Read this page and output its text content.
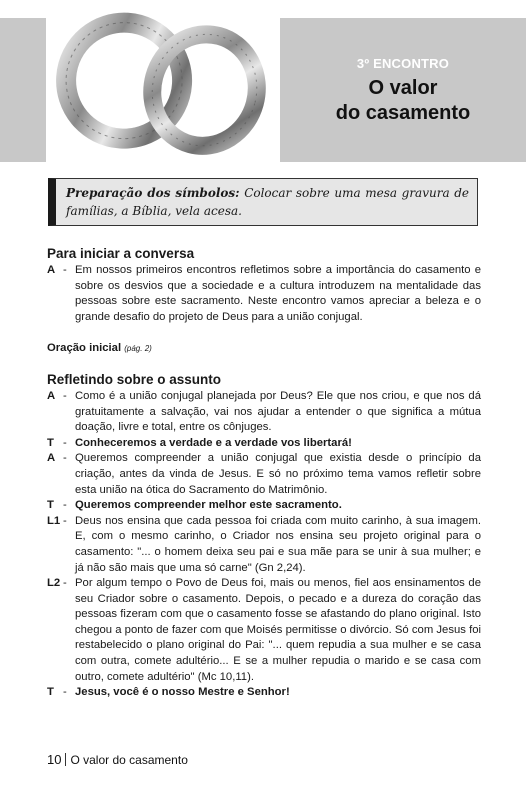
3º ENCONTRO
O valor
do casamento
Preparação dos símbolos: Colocar sobre uma mesa gravura de famílias, a Bíblia, vela acesa.
Para iniciar a conversa
A - Em nossos primeiros encontros refletimos sobre a importância do casamento e sobre os desvios que a sociedade e a cultura introduzem na mentalidade das pessoas sobre este sacramento. Neste encontro vamos apreciar a beleza e o grande desafio do projeto de Deus para a união conjugal.
Oração inicial (pág. 2)
Refletindo sobre o assunto
A - Como é a união conjugal planejada por Deus? Ele que nos criou, e que nos dá gratuitamente a salvação, vai nos ajudar a entender o que significa a mútua doação, livre e total, entre os cônjuges.
T - Conheceremos a verdade e a verdade vos libertará!
A - Queremos compreender a união conjugal que existia desde o princípio da criação, antes da vinda de Jesus. E só no próximo tema vamos refletir sobre esta união na ótica do Sacramento do Matrimônio.
T - Queremos compreender melhor este sacramento.
L1 - Deus nos ensina que cada pessoa foi criada com muito carinho, à sua imagem. E, com o mesmo carinho, o Criador nos ensina seu projeto original para o casamento: "... o homem deixa seu pai e sua mãe para se unir à sua mulher; e já não são mais que uma só carne" (Gn 2,24).
L2 - Por algum tempo o Povo de Deus foi, mais ou menos, fiel aos ensinamentos de seu Criador sobre o casamento. Depois, o pecado e a dureza do coração das pessoas fizeram com que o casamento fosse se afastando do plano original. Isto chegou a ponto de fazer com que Moisés permitisse o divórcio. Só com Jesus foi restabelecido o plano original do Pai: "... quem repudia a sua mulher e se casa com outra, comete adultério... E se a mulher repudia o marido e se casa com outro, comete adultério" (Mc 10,11).
T - Jesus, você é o nosso Mestre e Senhor!
10 O valor do casamento
